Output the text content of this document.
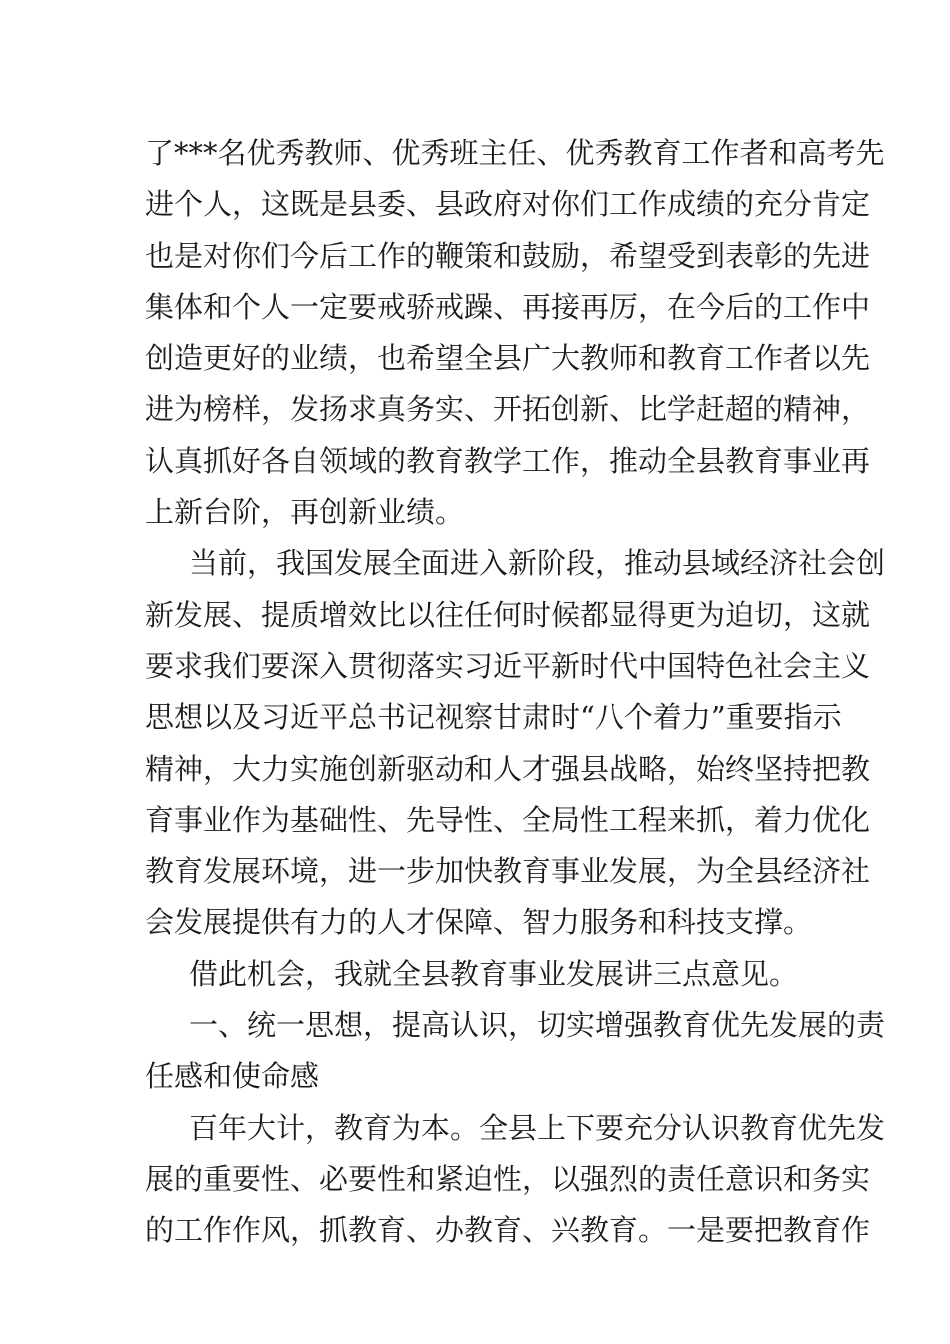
了***名优秀教师、优秀班主任、优秀教育工作者和高考先

进个人，这既是县委、县政府对你们工作成绩的充分肯定

也是对你们今后工作的鞭策和鼓励，希望受到表彰的先进

集体和个人一定要戒骄戒躁、再接再厉，在今后的工作中

创造更好的业绩，也希望全县广大教师和教育工作者以先

进为榜样，发扬求真务实、开拓创新、比学赶超的精神，

认真抓好各自领域的教育教学工作，推动全县教育事业再

上新台阶，再创新业绩。

当前，我国发展全面进入新阶段，推动县域经济社会创

新发展、提质增效比以往任何时候都显得更为迫切，这就

要求我们要深入贯彻落实习近平新时代中国特色社会主义

思想以及习近平总书记视察甘肃时“八个着力”重要指示

精神，大力实施创新驱动和人才强县战略，始终坚持把教

育事业作为基础性、先导性、全局性工程来抓，着力优化

教育发展环境，进一步加快教育事业发展，为全县经济社

会发展提供有力的人才保障、智力服务和科技支撑。

借此机会，我就全县教育事业发展讲三点意见。

一、统一思想，提高认识，切实增强教育优先发展的责

任感和使命感

百年大计，教育为本。全县上下要充分认识教育优先发

展的重要性、必要性和紧迫性，以强烈的责任意识和务实

的工作作风，抓教育、办教育、兴教育。一是要把教育作
